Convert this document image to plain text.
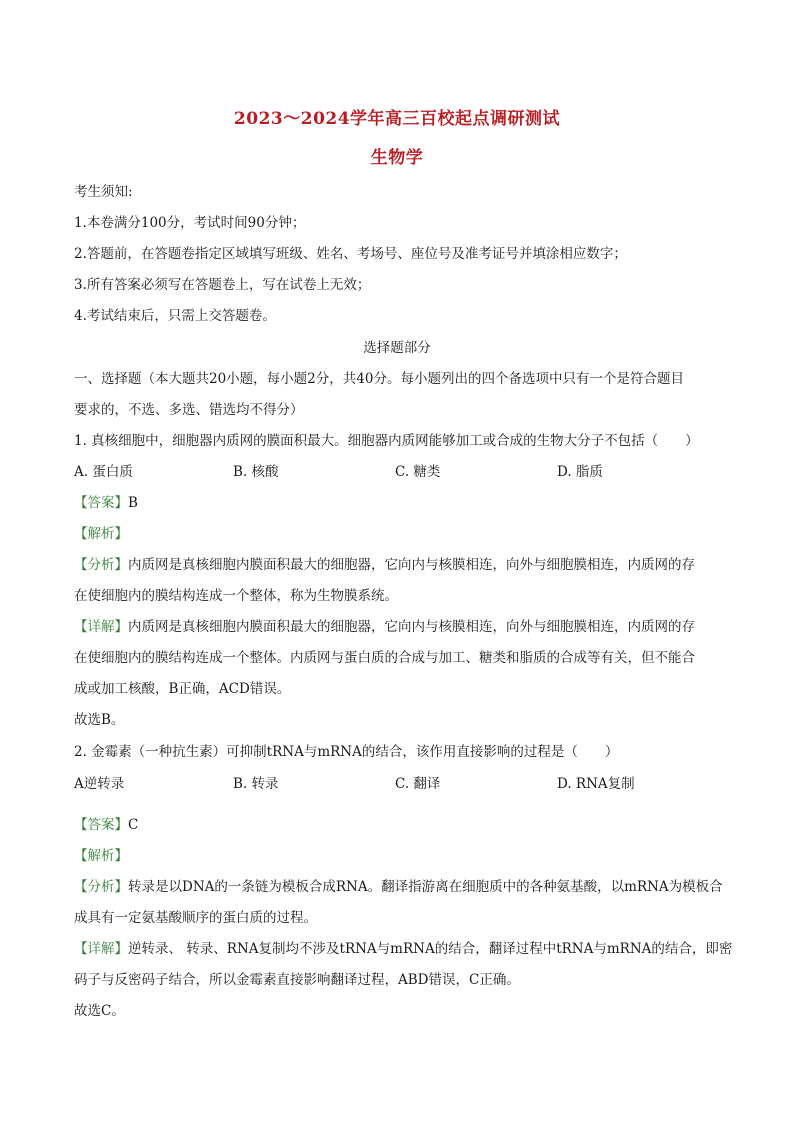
2023～2024学年高三百校起点调研测试
生物学
考生须知:
1.本卷满分100分，考试时间90分钟；
2.答题前，在答题卷指定区域填写班级、姓名、考场号、座位号及准考证号并填涂相应数字；
3.所有答案必须写在答题卷上，写在试卷上无效；
4.考试结束后，只需上交答题卷。
选择题部分
一、选择题（本大题共20小题，每小题2分，共40分。每小题列出的四个备选项中只有一个是符合题目
要求的，不选、多选、错选均不得分）
1. 真核细胞中，细胞器内质网的膜面积最大。细胞器内质网能够加工或合成的生物大分子不包括（　　）
A. 蛋白质	B. 核酸	C. 糖类	D. 脂质
【答案】B
【解析】
【分析】内质网是真核细胞内膜面积最大的细胞器，它向内与核膜相连，向外与细胞膜相连，内质网的存
在使细胞内的膜结构连成一个整体，称为生物膜系统。
【详解】内质网是真核细胞内膜面积最大的细胞器，它向内与核膜相连，向外与细胞膜相连，内质网的存
在使细胞内的膜结构连成一个整体。内质网与蛋白质的合成与加工、糖类和脂质的合成等有关，但不能合
成或加工核酸，B正确，ACD错误。
故选B。
2. 金霉素（一种抗生素）可抑制tRNA与mRNA的结合，该作用直接影响的过程是（　　）
A逆转录	B. 转录	C. 翻译	D. RNA复制
【答案】C
【解析】
【分析】转录是以DNA的一条链为模板合成RNA。翻译指游离在细胞质中的各种氨基酸，以mRNA为模板合
成具有一定氨基酸顺序的蛋白质的过程。
【详解】逆转录、 转录、RNA复制均不涉及tRNA与mRNA的结合，翻译过程中tRNA与mRNA的结合，即密
码子与反密码子结合，所以金霉素直接影响翻译过程，ABD错误，C正确。
故选C。
